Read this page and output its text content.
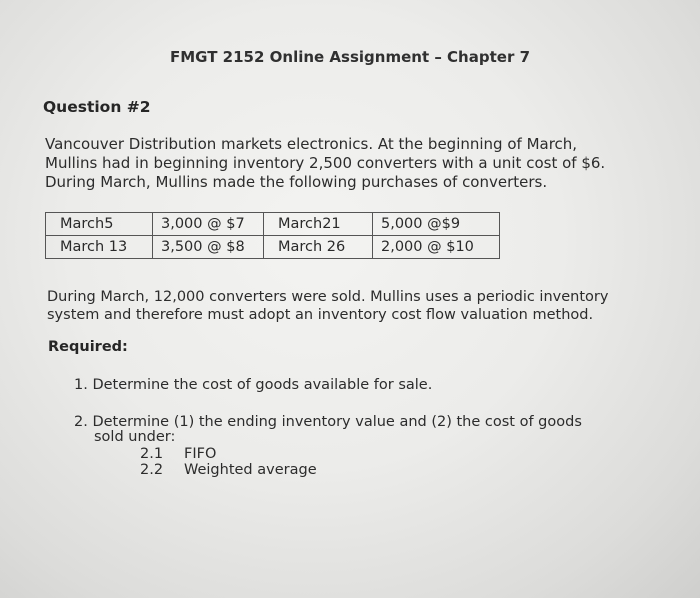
FMGT 2152 Online Assignment – Chapter 7
Question #2
Vancouver Distribution markets electronics. At the beginning of March,
Mullins had in beginning inventory 2,500 converters with a unit cost of $6.
During March, Mullins made the following purchases of converters.
March5	3,000 @ $7	March21	5,000 @$9
March 13	3,500 @ $8	March 26	2,000 @ $10
During March, 12,000 converters were sold. Mullins uses a periodic inventory
system and therefore must adopt an inventory cost flow valuation method.
Required:
1. Determine the cost of goods available for sale.
2. Determine (1) the ending inventory value and (2) the cost of goods
sold under:
2.1 FIFO
2.2 Weighted average
